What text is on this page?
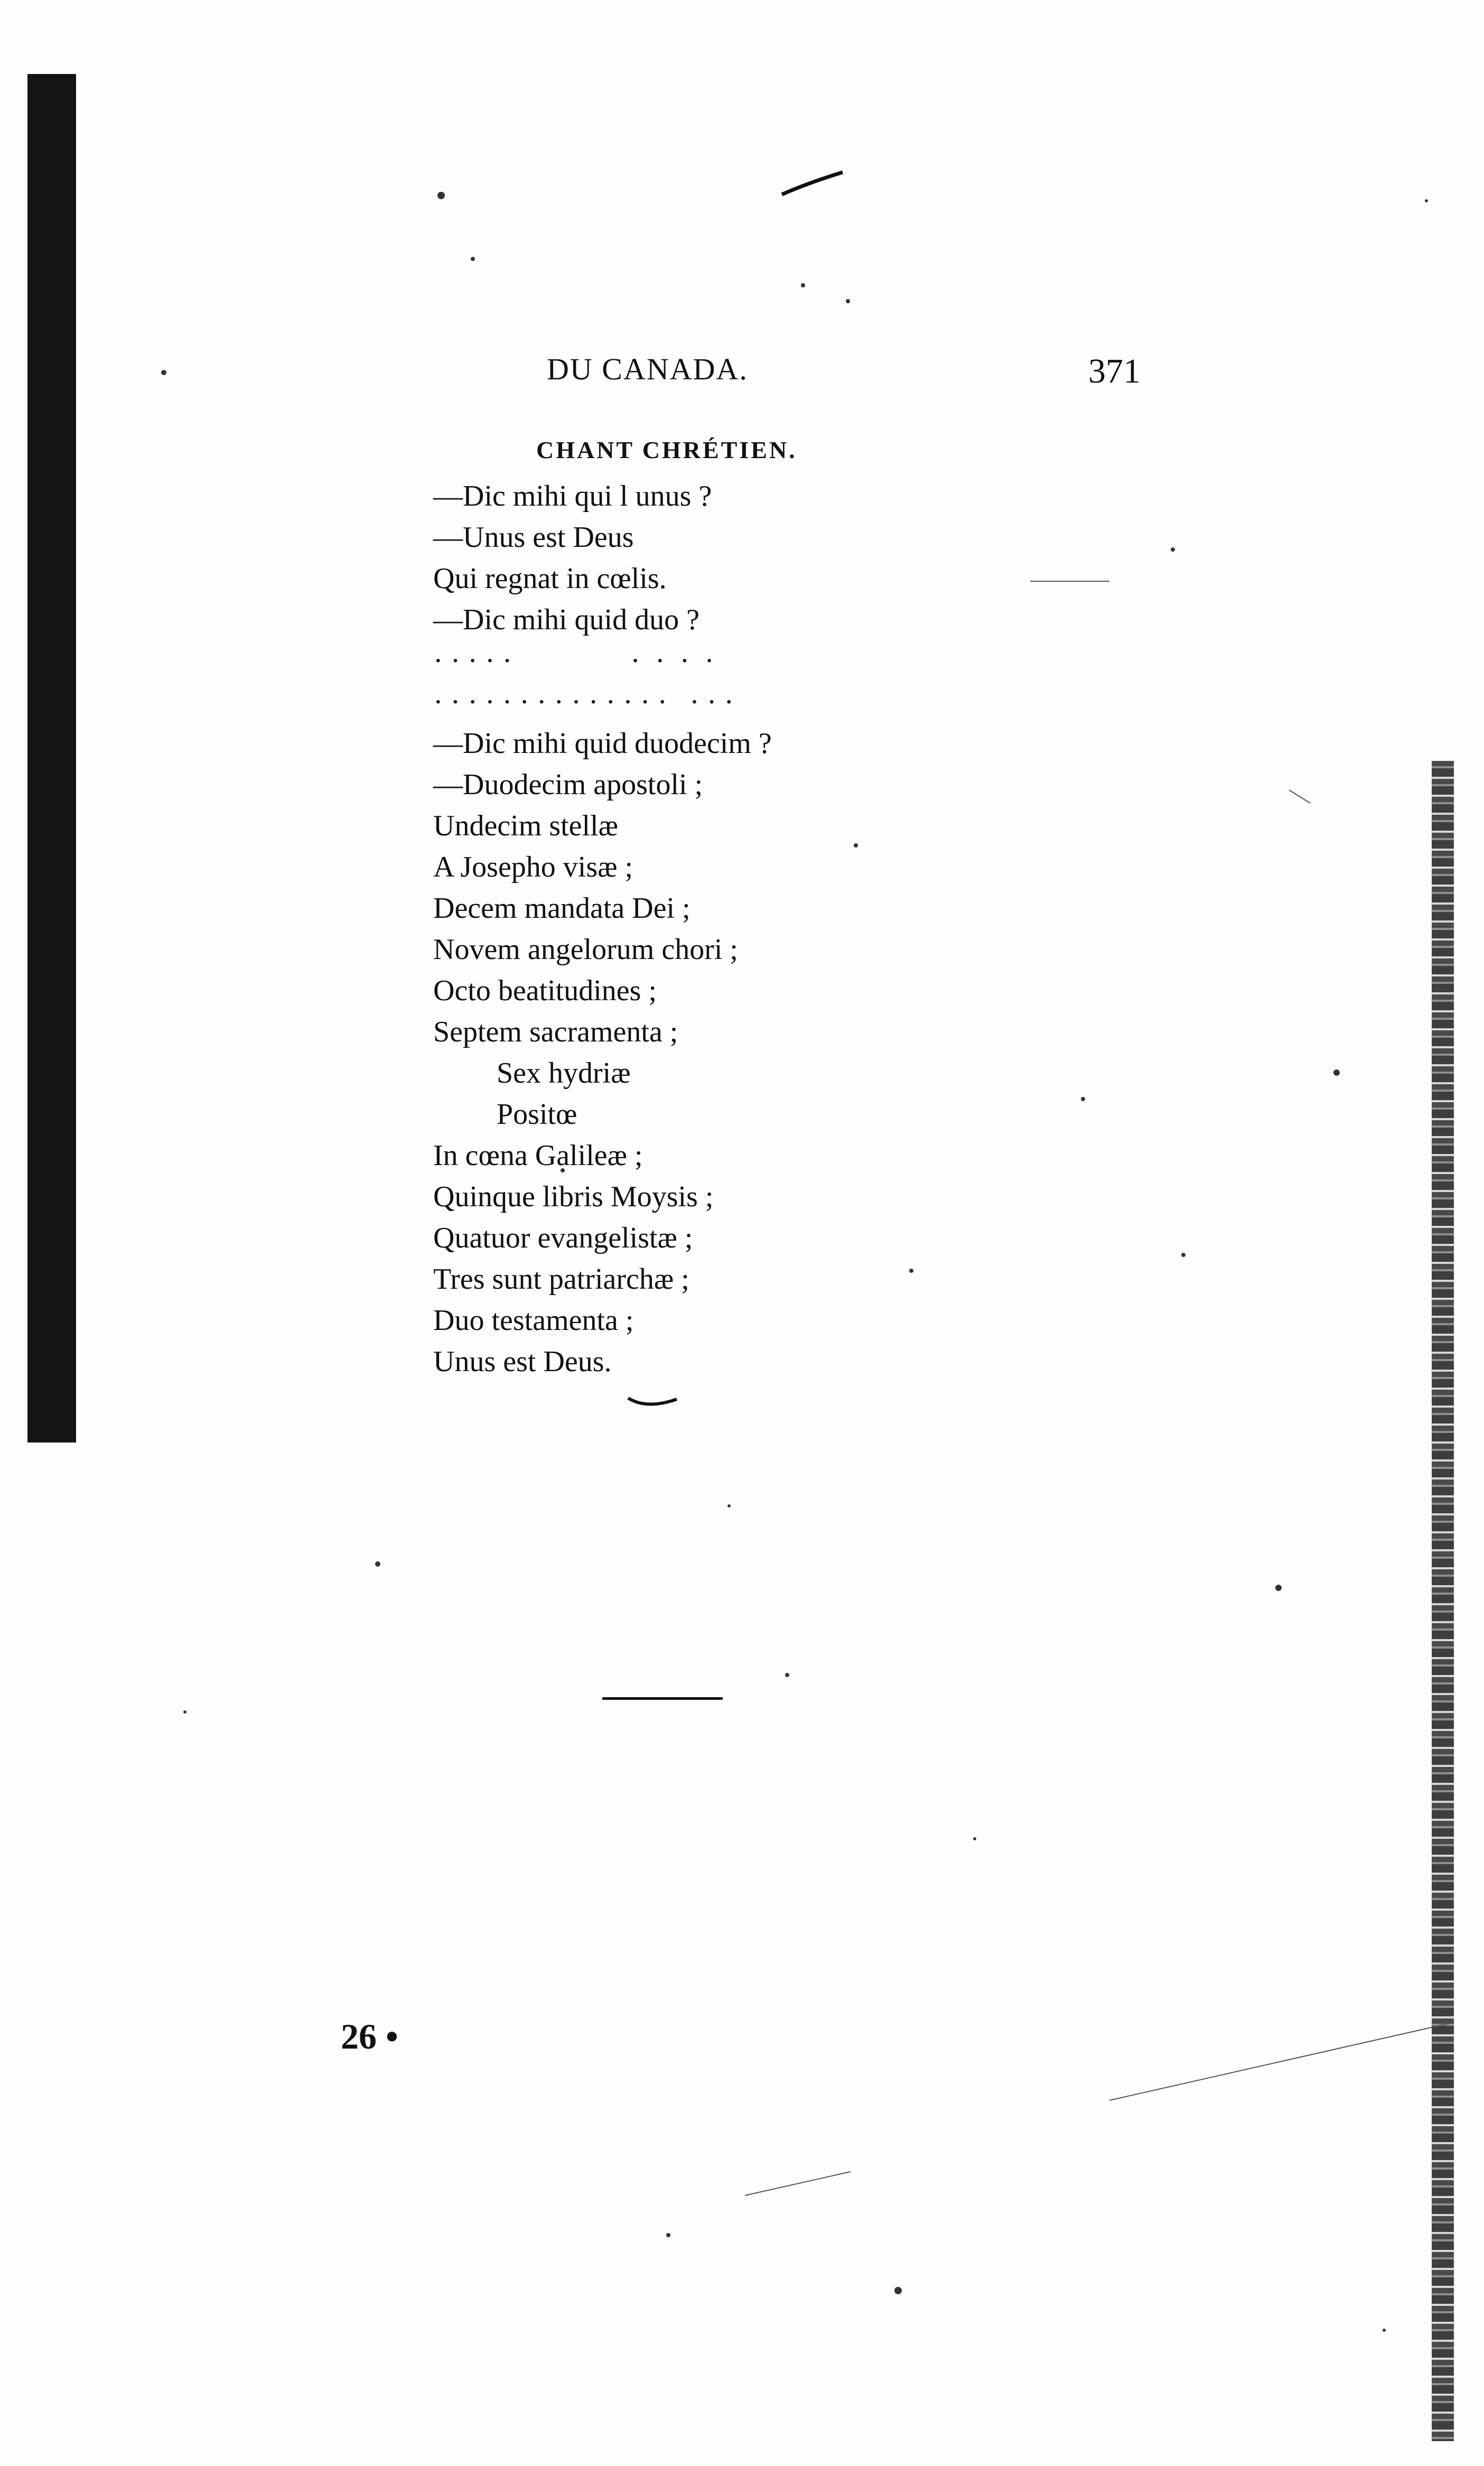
DU CANADA.	371
CHANT CHRÉTIEN.
—Dic mihi qui l unus ?
—Unus est Deus
Qui regnat in cœlis.
—Dic mihi quid duo ?
· · · · ·                ·  ·  ·  ·
· · · · · · · · · · · · · ·   · · ·
—Dic mihi quid duodecim ?
—Duodecim apostoli ;
Undecim stellæ
A Josepho visæ ;
Decem mandata Dei ;
Novem angelorum chori ;
Octo beatitudines ;
Septem sacramenta ;
Sex hydriæ
Positœ
In cœna Galileæ ;
Quinque libris Moysis ;
Quatuor evangelistæ ;
Tres sunt patriarchæ ;
Duo testamenta ;
Unus est Deus.
26 •
